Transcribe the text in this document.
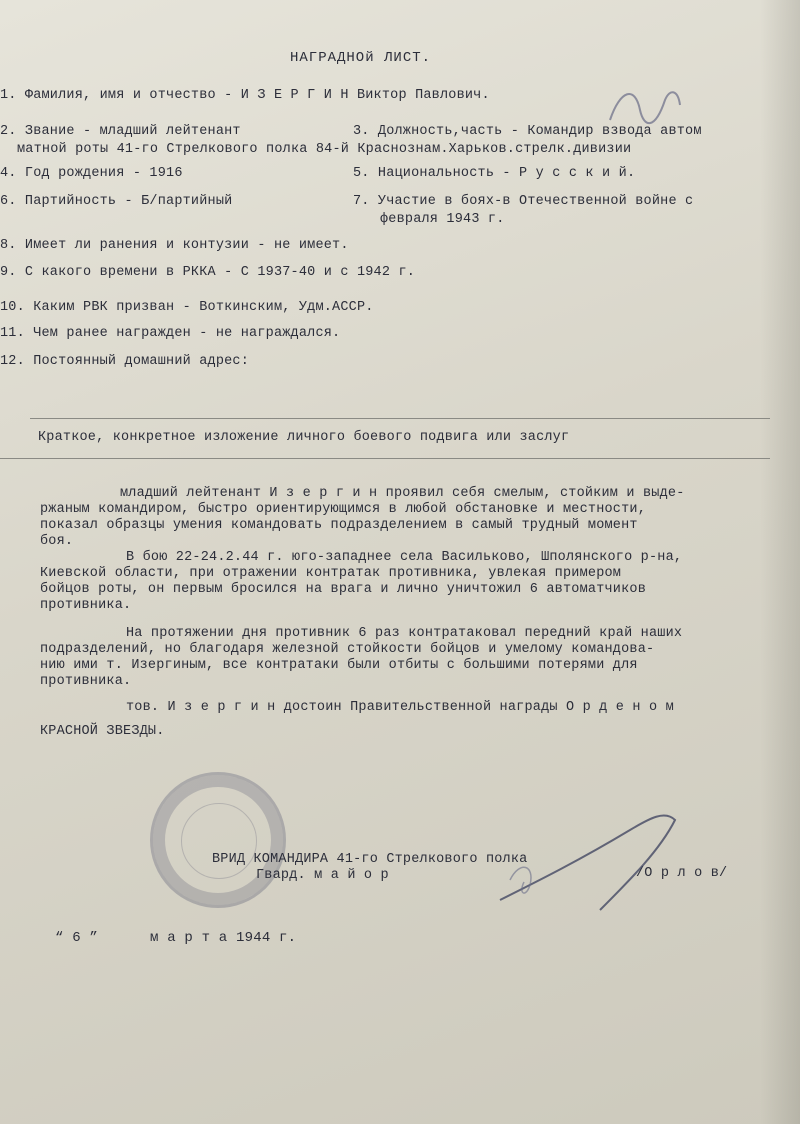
НАГРАДНОй ЛИСТ.
1. Фамилия, имя и отчество - И З Е Р Г И Н Виктор Павлович.
2. Звание - младший лейтенант	3. Должность,часть - Командир взвода автом
матной роты 41-го Стрелкового полка 84-й Краснознам.Харьков.стрелк.дивизии
4. Год рождения - 1916	5. Национальность - Р у с с к и й.
6. Партийность - Б/партийный	7. Участие в боях-в Отечественной войне с
февраля 1943 г.
8. Имеет ли ранения и контузии - не имеет.
9. С какого времени в РККА - С 1937-40 и с 1942 г.
10. Каким РВК призван - Воткинским, Удм.АССР.
11. Чем ранее награжден - не награждался.
12. Постоянный домашний адрес:
Краткое, конкретное изложение личного боевого подвига или заслуг
младший лейтенант И з е р г и н проявил себя смелым, стойким и выде-
ржаным командиром, быстро ориентирующимся в любой обстановке и местности,
показал образцы умения командовать подразделением в самый трудный момент
боя.
В бою 22-24.2.44 г. юго-западнее села Васильково, Шполянского р-на,
Киевской области, при отражении контратак противника, увлекая примером
бойцов роты, он первым бросился на врага и лично уничтожил 6 автоматчиков
противника.
На протяжении дня противник 6 раз контратаковал передний край наших
подразделений, но благодаря железной стойкости бойцов и умелому командова-
нию ими т. Изергиным, все контратаки были отбиты с большими потерями для
противника.
тов. И з е р г и н достоин Правительственной награды О р д е н о м
КРАСНОЙ ЗВЕЗДЫ.
ВРИД КОМАНДИРА 41-го Стрелкового полка
Гвард. м а й о р	/О р л о в/
“ 6 ”	м а р т а 1944 г.
